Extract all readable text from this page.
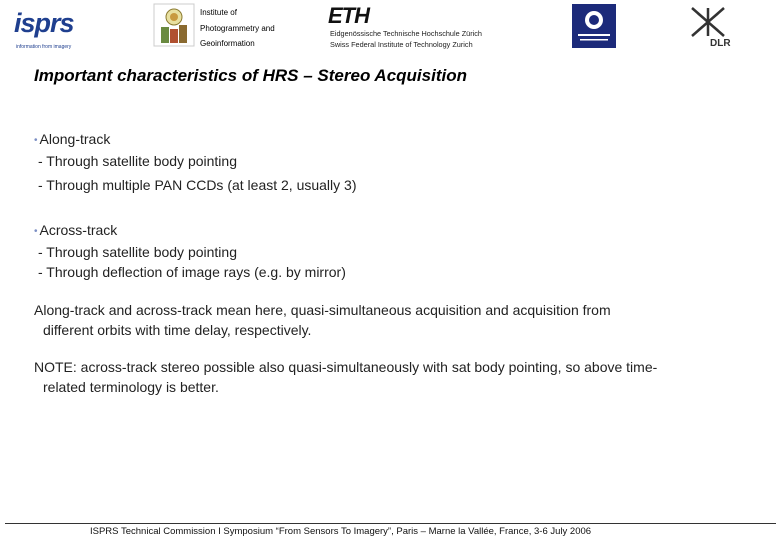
isprs
information from imagery
Institute of
Photogrammetry and
Geoinformation
ETH
Eidgenössische Technische Hochschule Zürich
Swiss Federal Institute of Technology Zurich	DLR
Important characteristics of HRS – Stereo Acquisition
• Along-track
- Through satellite body pointing
- Through multiple PAN CCDs (at least 2, usually 3)
• Across-track
- Through satellite body pointing
- Through deflection of image rays (e.g. by mirror)
Along-track and across-track mean here, quasi-simultaneous acquisition and acquisition from
different orbits with time delay, respectively.
NOTE: across-track stereo possible also quasi-simultaneously with sat body pointing, so above time-
related terminology is better.
ISPRS Technical Commission I Symposium “From Sensors To Imagery”, Paris – Marne la Vallée, France, 3-6 July 2006
